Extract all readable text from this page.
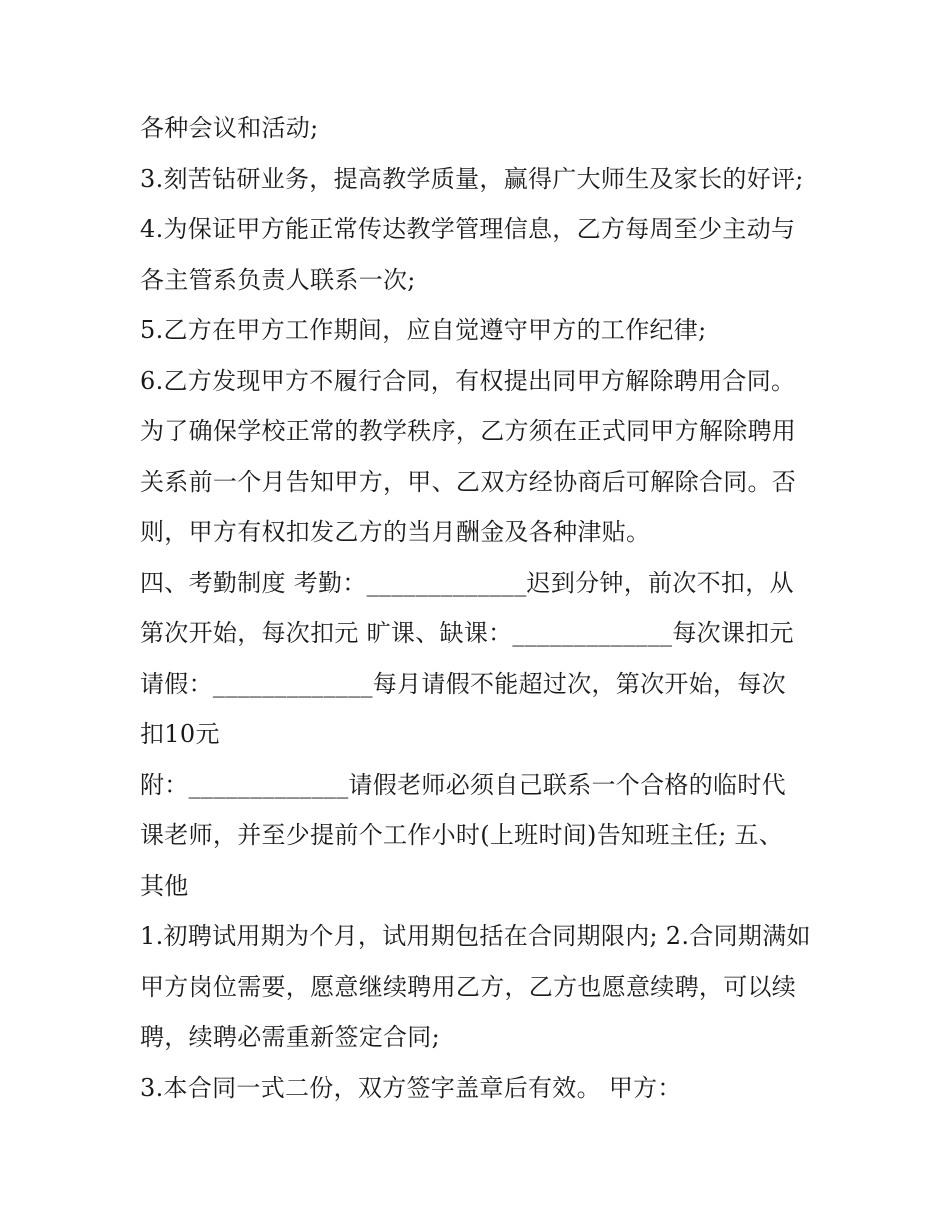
各种会议和活动;
3.刻苦钻研业务，提高教学质量，赢得广大师生及家长的好评;
4.为保证甲方能正常传达教学管理信息，乙方每周至少主动与
各主管系负责人联系一次;
5.乙方在甲方工作期间，应自觉遵守甲方的工作纪律;
6.乙方发现甲方不履行合同，有权提出同甲方解除聘用合同。
为了确保学校正常的教学秩序，乙方须在正式同甲方解除聘用
关系前一个月告知甲方，甲、乙双方经协商后可解除合同。否
则，甲方有权扣发乙方的当月酬金及各种津贴。
四、考勤制度 考勤：_____________迟到分钟，前次不扣，从
第次开始，每次扣元 旷课、缺课：_____________每次课扣元
请假：_____________每月请假不能超过次，第次开始，每次
扣10元
附：_____________请假老师必须自己联系一个合格的临时代
课老师，并至少提前个工作小时(上班时间)告知班主任; 五、
其他
1.初聘试用期为个月，试用期包括在合同期限内; 2.合同期满如
甲方岗位需要，愿意继续聘用乙方，乙方也愿意续聘，可以续
聘，续聘必需重新签定合同;
3.本合同一式二份，双方签字盖章后有效。 甲方：
